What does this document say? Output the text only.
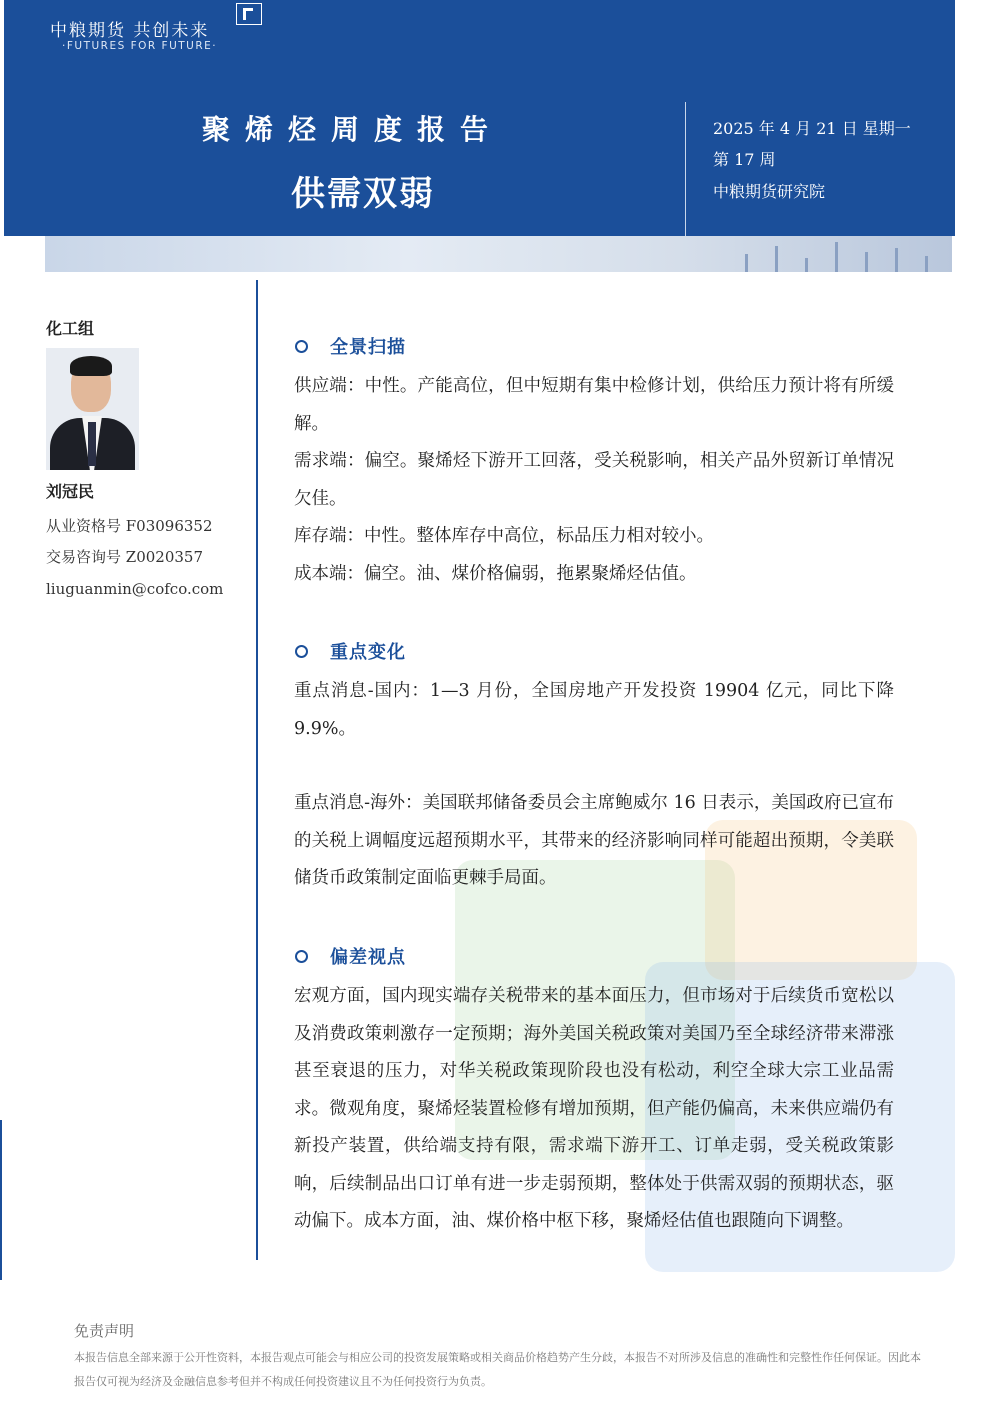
中粮期货 共创未来
·FUTURES FOR FUTURE·
聚烯烃周度报告
供需双弱
2025 年 4 月 21 日 星期一
第 17 周
中粮期货研究院
化工组
刘冠民
从业资格号 F03096352
交易咨询号 Z0020357
liuguanmin@cofco.com
全景扫描
供应端：中性。产能高位，但中短期有集中检修计划，供给压力预计将有所缓解。
需求端：偏空。聚烯烃下游开工回落，受关税影响，相关产品外贸新订单情况欠佳。
库存端：中性。整体库存中高位，标品压力相对较小。
成本端：偏空。油、煤价格偏弱，拖累聚烯烃估值。
重点变化
重点消息-国内：1—3 月份，全国房地产开发投资 19904 亿元，同比下降 9.9%。
重点消息-海外：美国联邦储备委员会主席鲍威尔 16 日表示，美国政府已宣布的关税上调幅度远超预期水平，其带来的经济影响同样可能超出预期，令美联储货币政策制定面临更棘手局面。
偏差视点
宏观方面，国内现实端存关税带来的基本面压力，但市场对于后续货币宽松以及消费政策刺激存一定预期；海外美国关税政策对美国乃至全球经济带来滞涨甚至衰退的压力，对华关税政策现阶段也没有松动，利空全球大宗工业品需求。微观角度，聚烯烃装置检修有增加预期，但产能仍偏高，未来供应端仍有新投产装置，供给端支持有限，需求端下游开工、订单走弱，受关税政策影响，后续制品出口订单有进一步走弱预期，整体处于供需双弱的预期状态，驱动偏下。成本方面，油、煤价格中枢下移，聚烯烃估值也跟随向下调整。
免责声明
本报告信息全部来源于公开性资料，本报告观点可能会与相应公司的投资发展策略或相关商品价格趋势产生分歧，本报告不对所涉及信息的准确性和完整性作任何保证。因此本报告仅可视为经济及金融信息参考但并不构成任何投资建议且不为任何投资行为负责。
